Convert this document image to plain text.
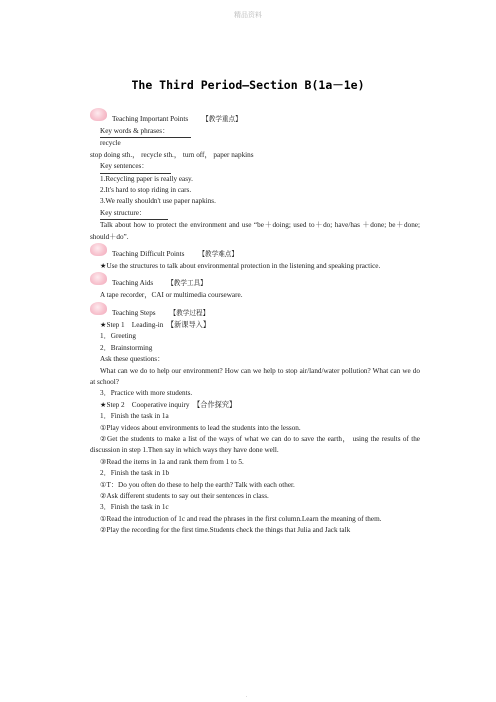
精品资料
The Third Period—Section B(1a－1e)
Teaching Important Points 【教学重点】
Key words & phrases：
recycle
stop doing sth.， recycle sth.， turn off， paper napkins
Key sentences：
1.Recycling paper is really easy.
2.It's hard to stop riding in cars.
3.We really shouldn't use paper napkins.
Key structure：
Talk about how to protect the environment and use “be＋doing; used to＋do; have/has ＋done; be＋done; should＋do”.
Teaching Difficult Points 【教学难点】
★Use the structures to talk about environmental protection in the listening and speaking practice.
Teaching Aids 【教学工具】
A tape recorder，CAI or multimedia courseware.
Teaching Steps 【教学过程】
★Step 1　Leading-in　【新课导入】
1．Greeting
2．Brainstorming
Ask these questions：
What can we do to help our environment? How can we help to stop air/land/water pollution? What can we do at school?
3．Practice with more students.
★Step 2　Cooperative inquiry　【合作探究】
1．Finish the task in 1a
①Play videos about environments to lead the students into the lesson.
②Get the students to make a list of the ways of what we can do to save the earth， using the results of the discussion in step 1.Then say in which ways they have done well.
③Read the items in 1a and rank them from 1 to 5.
2．Finish the task in 1b
①T：Do you often do these to help the earth? Talk with each other.
②Ask different students to say out their sentences in class.
3．Finish the task in 1c
①Read the introduction of 1c and read the phrases in the first column.Learn the meaning of them.
②Play the recording for the first time.Students check the things that Julia and Jack talk
.
